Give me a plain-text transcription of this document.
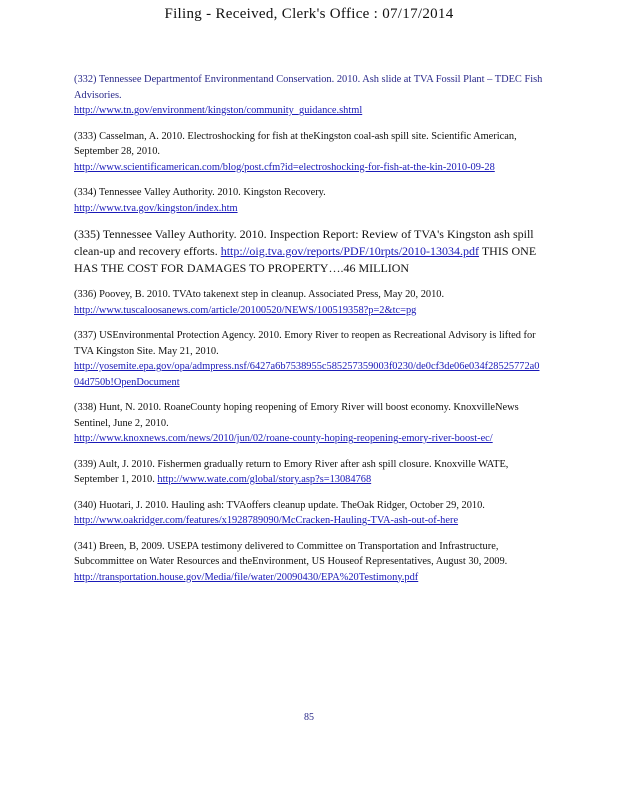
Filing - Received, Clerk's Office : 07/17/2014
(332) Tennessee Departmentof Environmentand Conservation. 2010. Ash slide at TVA Fossil Plant – TDEC Fish Advisories.
http://www.tn.gov/environment/kingston/community_guidance.shtml
(333) Casselman, A. 2010. Electroshocking for fish at theKingston coal-ash spill site. Scientific American, September 28, 2010.
http://www.scientificamerican.com/blog/post.cfm?id=electroshocking-for-fish-at-the-kin-2010-09-28
(334) Tennessee Valley Authority. 2010. Kingston Recovery.
http://www.tva.gov/kingston/index.htm
(335) Tennessee Valley Authority. 2010. Inspection Report: Review of TVA's Kingston ash spill clean-up and recovery efforts. http://oig.tva.gov/reports/PDF/10rpts/2010-13034.pdf THIS ONE HAS THE COST FOR DAMAGES TO PROPERTY….46 MILLION
(336) Poovey, B. 2010. TVAto takenext step in cleanup. Associated Press, May 20, 2010.
http://www.tuscaloosanews.com/article/20100520/NEWS/100519358?p=2&tc=pg
(337) USEnvironmental Protection Agency. 2010. Emory River to reopen as Recreational Advisory is lifted for TVA Kingston Site. May 21, 2010.
http://yosemite.epa.gov/opa/admpress.nsf/6427a6b7538955c585257359003f0230/de0cf3de06e034f28525772a004d750b!OpenDocument
(338) Hunt, N. 2010. RoaneCounty hoping reopening of Emory River will boost economy. KnoxvilleNews Sentinel, June 2, 2010.
http://www.knoxnews.com/news/2010/jun/02/roane-county-hoping-reopening-emory-river-boost-ec/
(339) Ault, J. 2010. Fishermen gradually return to Emory River after ash spill closure. Knoxville WATE, September 1, 2010. http://www.wate.com/global/story.asp?s=13084768
(340) Huotari, J. 2010. Hauling ash: TVAoffers cleanup update. TheOak Ridger, October 29, 2010.
http://www.oakridger.com/features/x1928789090/McCracken-Hauling-TVA-ash-out-of-here
(341) Breen, B, 2009. USEPA testimony delivered to Committee on Transportation and Infrastructure, Subcommittee on Water Resources and theEnvironment, US Houseof Representatives, August 30, 2009.
http://transportation.house.gov/Media/file/water/20090430/EPA%20Testimony.pdf
85
